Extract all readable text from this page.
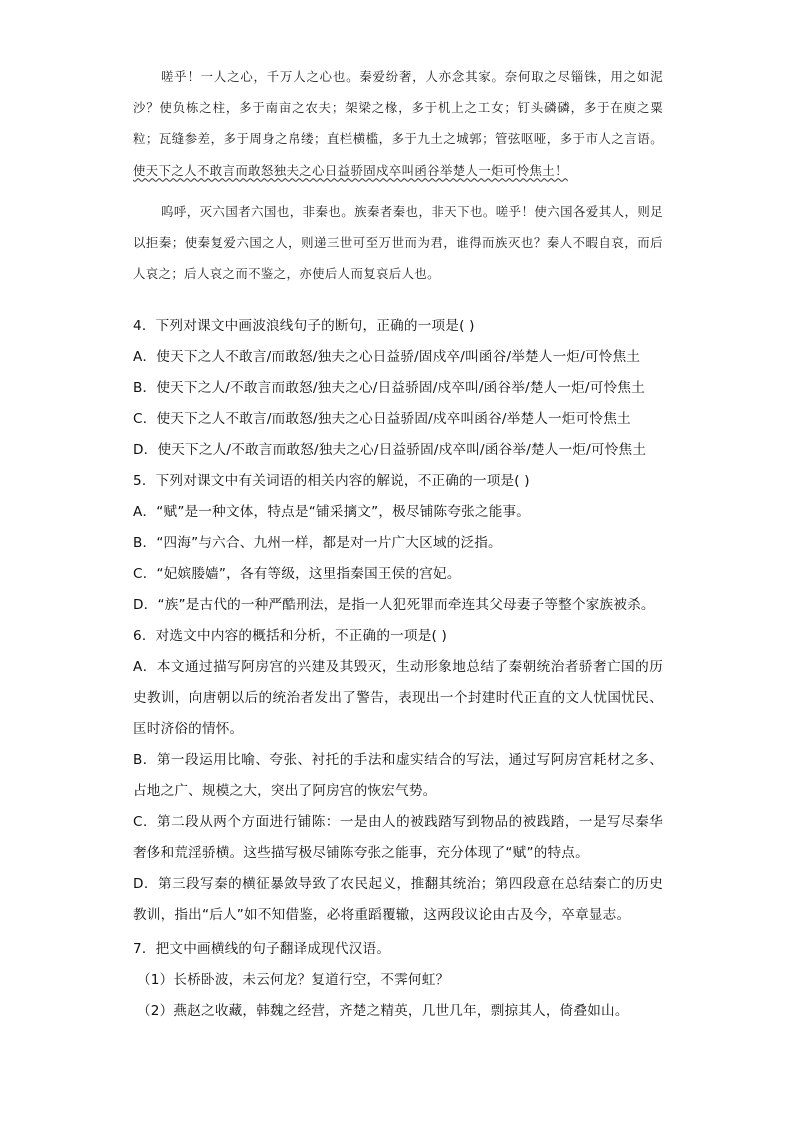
嗟乎！一人之心，千万人之心也。秦爱纷奢，人亦念其家。奈何取之尽锱铢，用之如泥沙？使负栋之柱，多于南亩之农夫；架梁之椽，多于机上之工女；钉头磷磷，多于在庾之粟粒；瓦缝参差，多于周身之帛缕；直栏横槛，多于九土之城郭；管弦呕哑，多于市人之言语。使天下之人不敢言而敢怒独夫之心日益骄固戍卒叫函谷举楚人一炬可怜焦土！

呜呼，灭六国者六国也，非秦也。族秦者秦也，非天下也。嗟乎！使六国各爱其人，则足以拒秦；使秦复爱六国之人，则递三世可至万世而为君，谁得而族灭也？秦人不暇自哀，而后人哀之；后人哀之而不鉴之，亦使后人而复哀后人也。

4．下列对课文中画波浪线句子的断句，正确的一项是( )
A．使天下之人不敢言/而敢怒/独夫之心日益骄/固戍卒/叫函谷/举楚人一炬/可怜焦土
B．使天下之人/不敢言而敢怒/独夫之心/日益骄固/戍卒叫/函谷举/楚人一炬/可怜焦土
C．使天下之人不敢言/而敢怒/独夫之心日益骄固/戍卒叫函谷/举楚人一炬可怜焦土
D．使天下之人/不敢言而敢怒/独夫之心/日益骄固/戍卒叫/函谷举/楚人一炬/可怜焦土
5．下列对课文中有关词语的相关内容的解说，不正确的一项是( )
A．“赋”是一种文体，特点是“铺采摛文”，极尽铺陈夸张之能事。
B．“四海”与六合、九州一样，都是对一片广大区域的泛指。
C．“妃嫔媵嫱”，各有等级，这里指秦国王侯的宫妃。
D．“族”是古代的一种严酷刑法，是指一人犯死罪而牵连其父母妻子等整个家族被杀。
6．对选文中内容的概括和分析，不正确的一项是( )
A．本文通过描写阿房宫的兴建及其毁灭，生动形象地总结了秦朝统治者骄奢亡国的历史教训，向唐朝以后的统治者发出了警告，表现出一个封建时代正直的文人忧国忧民、匡时济俗的情怀。
B．第一段运用比喻、夸张、衬托的手法和虚实结合的写法，通过写阿房宫耗材之多、占地之广、规模之大，突出了阿房宫的恢宏气势。
C．第二段从两个方面进行铺陈：一是由人的被践踏写到物品的被践踏，一是写尽秦华奢侈和荒淫骄横。这些描写极尽铺陈夸张之能事，充分体现了“赋”的特点。
D．第三段写秦的横征暴敛导致了农民起义，推翻其统治；第四段意在总结秦亡的历史教训，指出“后人”如不知借鉴，必将重蹈覆辙，这两段议论由古及今，卒章显志。
7．把文中画横线的句子翻译成现代汉语。
（1）长桥卧波，未云何龙？复道行空，不霁何虹？
（2）燕赵之收藏，韩魏之经营，齐楚之精英，几世几年，剽掠其人，倚叠如山。
